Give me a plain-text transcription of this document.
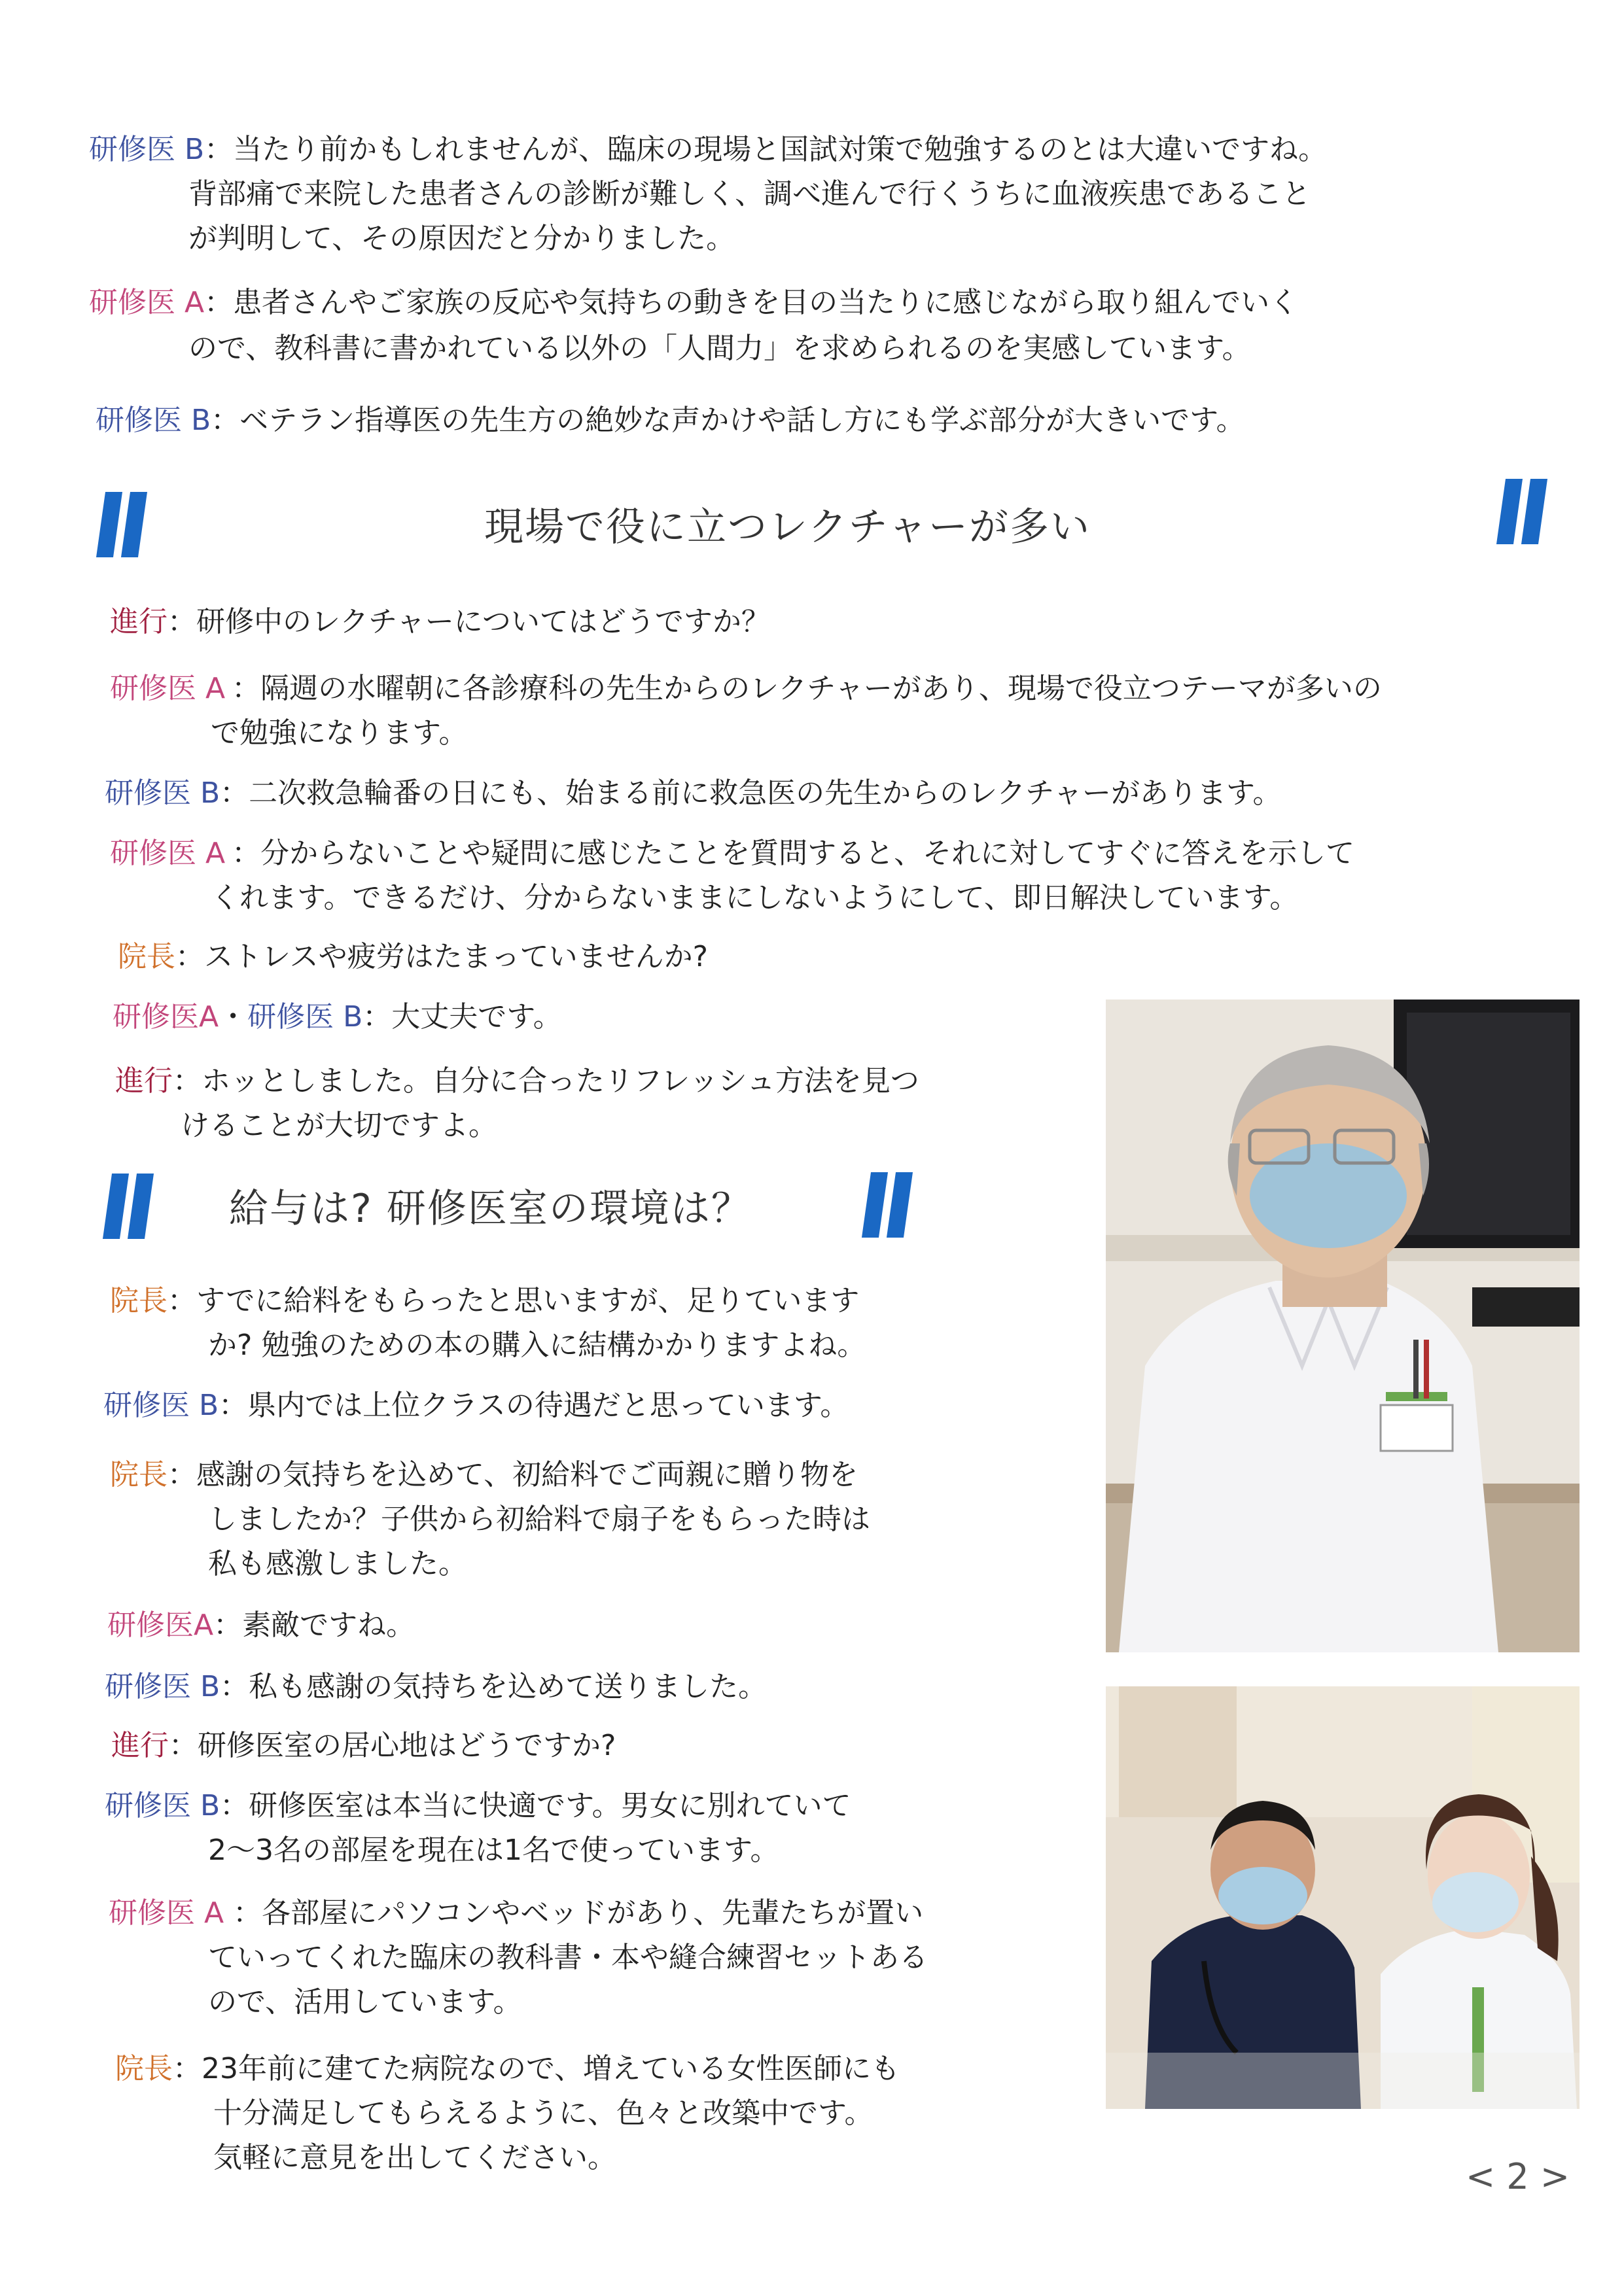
研修医 B：当たり前かもしれませんが、臨床の現場と国試対策で勉強するのとは大違いですね。
背部痛で来院した患者さんの診断が難しく、調べ進んで行くうちに血液疾患であること
が判明して、その原因だと分かりました。
研修医 A：患者さんやご家族の反応や気持ちの動きを目の当たりに感じながら取り組んでいく
ので、教科書に書かれている以外の「人間力」を求められるのを実感しています。
研修医 B：ベテラン指導医の先生方の絶妙な声かけや話し方にも学ぶ部分が大きいです。
現場で役に立つレクチャーが多い
進行：研修中のレクチャーについてはどうですか？
研修医 A ：隔週の水曜朝に各診療科の先生からのレクチャーがあり、現場で役立つテーマが多いの
で勉強になります。
研修医 B：二次救急輪番の日にも、始まる前に救急医の先生からのレクチャーがあります。
研修医 A ：分からないことや疑問に感じたことを質問すると、それに対してすぐに答えを示して
くれます。できるだけ、分からないままにしないようにして、即日解決しています。
院長：ストレスや疲労はたまっていませんか?
研修医A・研修医 B：大丈夫です。
進行：ホッとしました。自分に合ったリフレッシュ方法を見つ
けることが大切ですよ。
給与は? 研修医室の環境は？
院長：すでに給料をもらったと思いますが、足りています
か? 勉強のための本の購入に結構かかりますよね。
研修医 B：県内では上位クラスの待遇だと思っています。
院長：感謝の気持ちを込めて、初給料でご両親に贈り物を
しましたか？子供から初給料で扇子をもらった時は
私も感激しました。
研修医A：素敵ですね。
研修医 B：私も感謝の気持ちを込めて送りました。
進行：研修医室の居心地はどうですか?
研修医 B：研修医室は本当に快適です。男女に別れていて
2〜3名の部屋を現在は1名で使っています。
研修医 A ：各部屋にパソコンやベッドがあり、先輩たちが置い
ていってくれた臨床の教科書・本や縫合練習セットある
ので、活用しています。
院長：23年前に建てた病院なので、増えている女性医師にも
十分満足してもらえるように、色々と改築中です。
気軽に意見を出してください。	< 2 >
